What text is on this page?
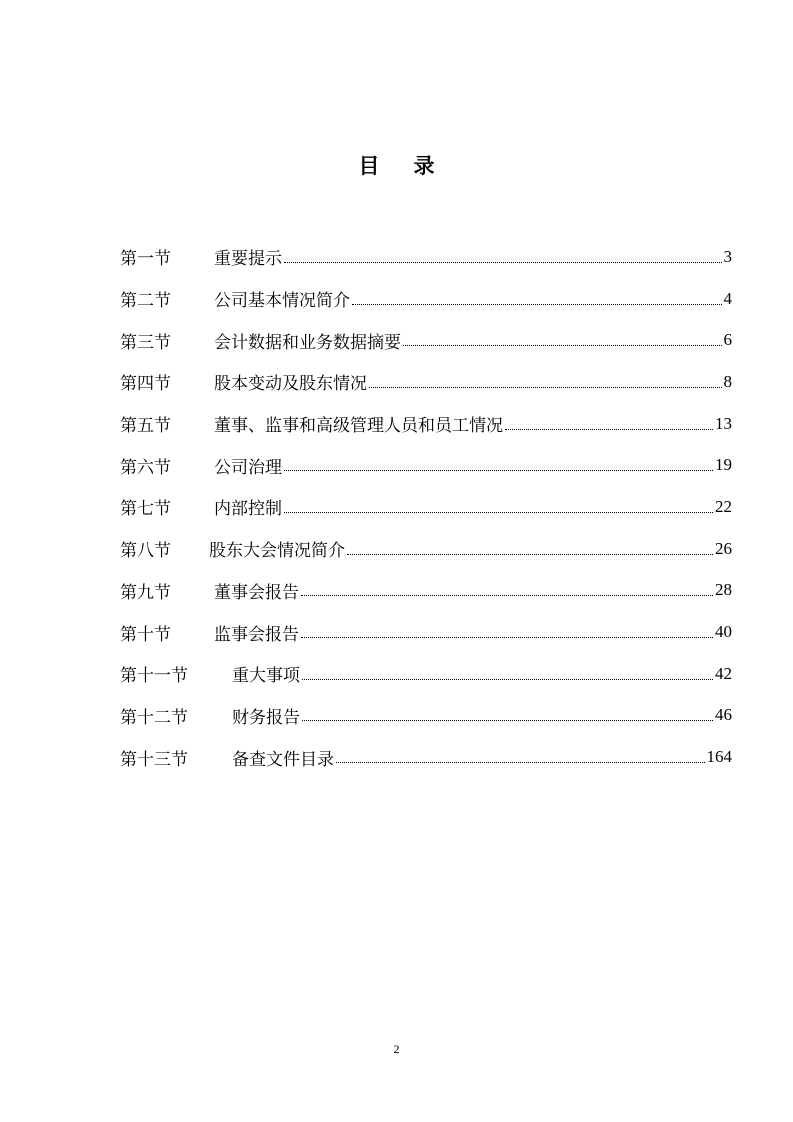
目 录
第一节	重要提示	3
第二节	公司基本情况简介	4
第三节	会计数据和业务数据摘要	6
第四节	股本变动及股东情况	8
第五节	董事、监事和高级管理人员和员工情况	13
第六节	公司治理	19
第七节	内部控制	22
第八节	股东大会情况简介	26
第九节	董事会报告	28
第十节	监事会报告	40
第十一节	重大事项	42
第十二节	财务报告	46
第十三节	备查文件目录	164
2
